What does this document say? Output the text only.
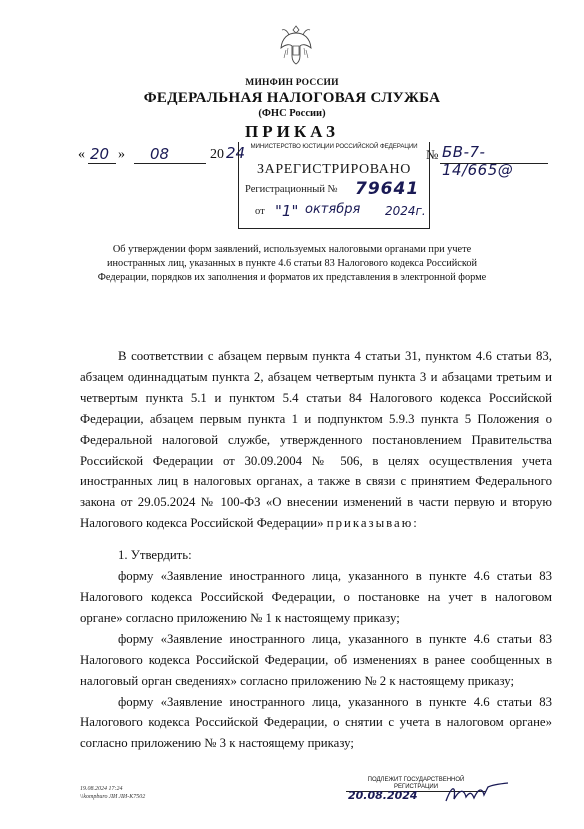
МИНФИН РОССИИ
ФЕДЕРАЛЬНАЯ НАЛОГОВАЯ СЛУЖБА
(ФНС России)
ПРИКАЗ
« 20 » 08	20 24	№ БВ-7-14/665@
МИНИСТЕРСТВО ЮСТИЦИИ РОССИЙСКОЙ ФЕДЕРАЦИИ
ЗАРЕГИСТРИРОВАНО
Регистрационный № 79641
от "1" октября 2024г.
Об утверждении форм заявлений, используемых налоговыми органами при учете иностранных лиц, указанных в пункте 4.6 статьи 83 Налогового кодекса Российской Федерации, порядков их заполнения и форматов их представления в электронной форме

В соответствии с абзацем первым пункта 4 статьи 31, пунктом 4.6 статьи 83, абзацем одиннадцатым пункта 2, абзацем четвертым пункта 3 и абзацами третьим и четвертым пункта 5.1 и пунктом 5.4 статьи 84 Налогового кодекса Российской Федерации, абзацем первым пункта 1 и подпунктом 5.9.3 пункта 5 Положения о Федеральной налоговой службе, утвержденного постановлением Правительства Российской Федерации от 30.09.2004 № 506, в целях осуществления учета иностранных лиц в налоговых органах, а также в связи с принятием Федерального закона от 29.05.2024 № 100-ФЗ «О внесении изменений в части первую и вторую Налогового кодекса Российской Федерации» приказываю:

1. Утвердить:

форму «Заявление иностранного лица, указанного в пункте 4.6 статьи 83 Налогового кодекса Российской Федерации, о постановке на учет в налоговом органе» согласно приложению № 1 к настоящему приказу;

форму «Заявление иностранного лица, указанного в пункте 4.6 статьи 83 Налогового кодекса Российской Федерации, об изменениях в ранее сообщенных в налоговый орган сведениях» согласно приложению № 2 к настоящему приказу;

форму «Заявление иностранного лица, указанного в пункте 4.6 статьи 83 Налогового кодекса Российской Федерации, о снятии с учета в налоговом органе» согласно приложению № 3 к настоящему приказу;

19.08.2024 17:24
\\kompburo ЛИ ЛИ-К7502
ПОДЛЕЖИТ ГОСУДАРСТВЕННОЙ РЕГИСТРАЦИИ
20.08.2024
